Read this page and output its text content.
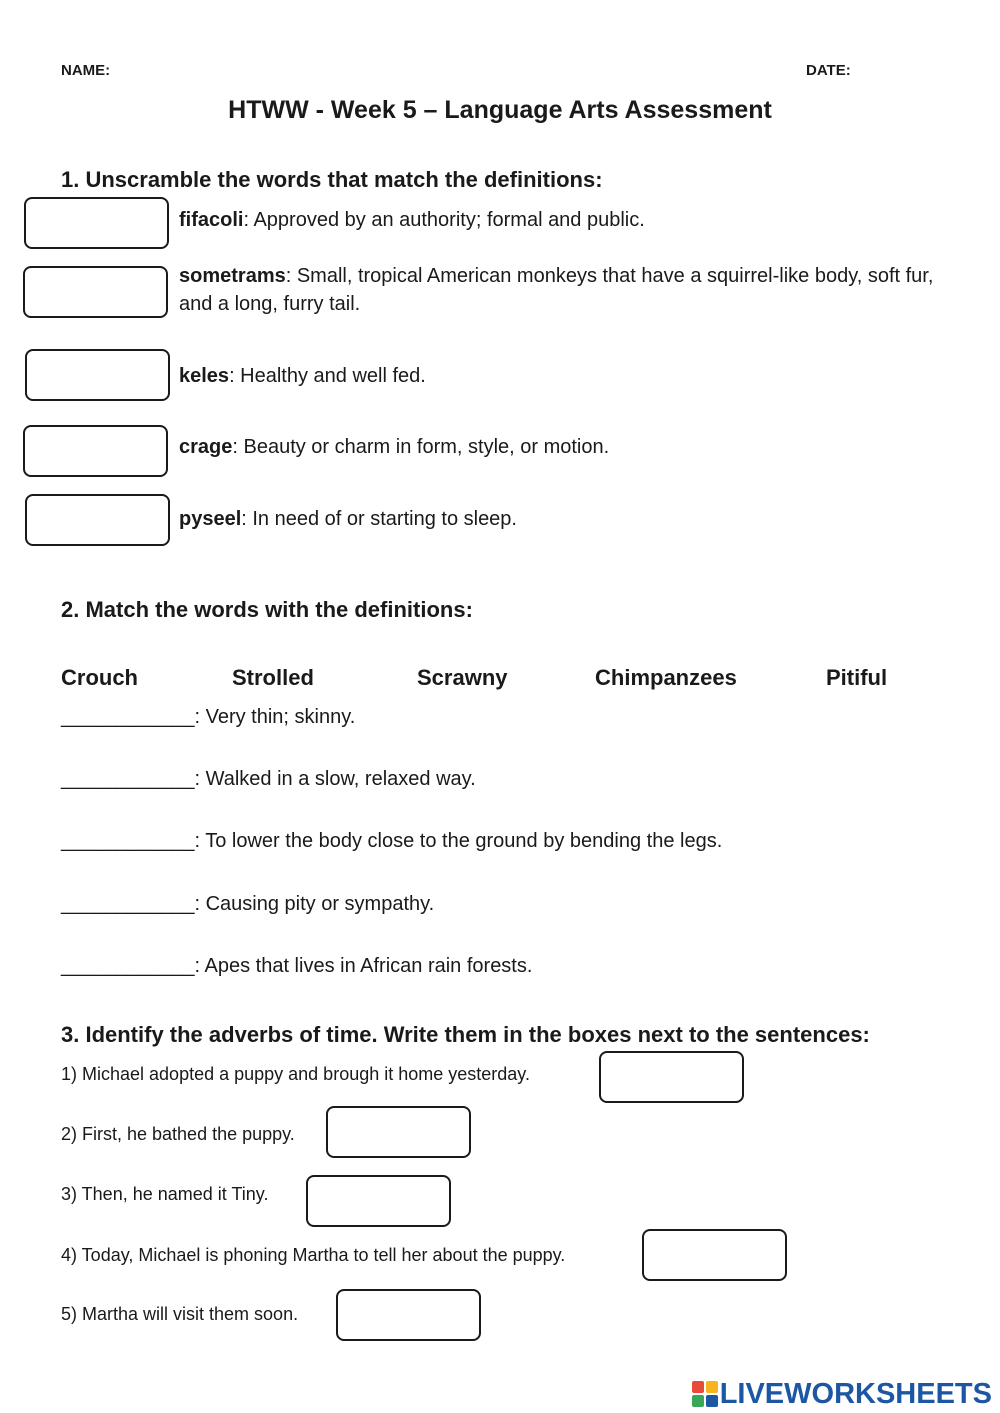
NAME:	DATE:
HTWW - Week 5 – Language Arts Assessment
1. Unscramble the words that match the definitions:
fifacoli: Approved by an authority; formal and public.
sometrams: Small, tropical American monkeys that have a squirrel-like body, soft fur, and a long, furry tail.
keles: Healthy and well fed.
crage: Beauty or charm in form, style, or motion.
pyseel: In need of or starting to sleep.
2. Match the words with the definitions:
Crouch	Strolled	Scrawny	Chimpanzees	Pitiful
____________: Very thin; skinny.
____________: Walked in a slow, relaxed way.
____________: To lower the body close to the ground by bending the legs.
____________: Causing pity or sympathy.
____________: Apes that lives in African rain forests.
3. Identify the adverbs of time. Write them in the boxes next to the sentences:
1) Michael adopted a puppy and brough it home yesterday.
2) First, he bathed the puppy.
3) Then, he named it Tiny.
4) Today, Michael is phoning Martha to tell her about the puppy.
5) Martha will visit them soon.
LIVEWORKSHEETS
